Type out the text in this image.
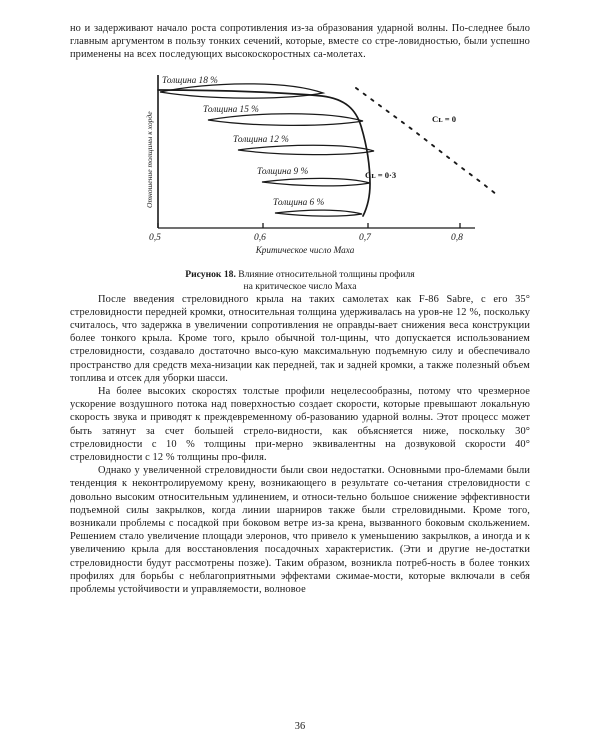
но и задерживают начало роста сопротивления из-за образования ударной волны. По-следнее было главным аргументом в пользу тонких сечений, которые, вместе со стре-ловидностью, были успешно применены на всех последующих высокоскоростных са-молетах.

0,5	0,6	0,7	0,8
Критическое число Маха
Отношение толщины к хорде
Толщина 18 %
Толщина 15 %
Толщина 12 %
Толщина 9 %
Толщина 6 %
Cʟ = 0
Cʟ = 0·3

Рисунок 18. Влияние относительной толщины профиля
на критическое число Маха

После введения стреловидного крыла на таких самолетах как F-86 Sabre, с его 35° стреловидности передней кромки, относительная толщина удерживалась на уров-не 12 %, поскольку считалось, что задержка в увеличении сопротивления не оправды-вает снижения веса конструкции более тонкого крыла. Кроме того, крыло обычной тол-щины, что допускается использованием стреловидности, создавало достаточно высо-кую максимальную подъемную силу и обеспечивало пространство для средств меха-низации как передней, так и задней кромки, а также полезный объем топлива и отсек для уборки шасси.

На более высоких скоростях толстые профили нецелесообразны, потому что чрезмерное ускорение воздушного потока над поверхностью создает скорости, которые превышают локальную скорость звука и приводят к преждевременному об-разованию ударной волны. Этот процесс может быть затянут за счет большей стрело-видности, как объясняется ниже, поскольку 30° стреловидности с 10 % толщины при-мерно эквивалентны на дозвуковой скорости 40° стреловидности с 12 % толщины про-филя.

Однако у увеличенной стреловидности были свои недостатки. Основными про-блемами были тенденция к неконтролируемому крену, возникающего в результате со-четания стреловидности с довольно высоким относительным удлинением, и относи-тельно большое снижение эффективности подъемной силы закрылков, когда линии шарниров также были стреловидными. Кроме того, возникали проблемы с посадкой при боковом ветре из-за крена, вызванного боковым скольжением. Решением стало увеличение площади элеронов, что привело к уменьшению закрылков, а иногда и к увеличению крыла для восстановления посадочных характеристик. (Эти и другие не-достатки стреловидности будут рассмотрены позже). Таким образом, возникла потреб-ность в более тонких профилях для борьбы с неблагоприятными эффектами сжимае-мости, которые включали в себя проблемы устойчивости и управляемости, волновое

36
